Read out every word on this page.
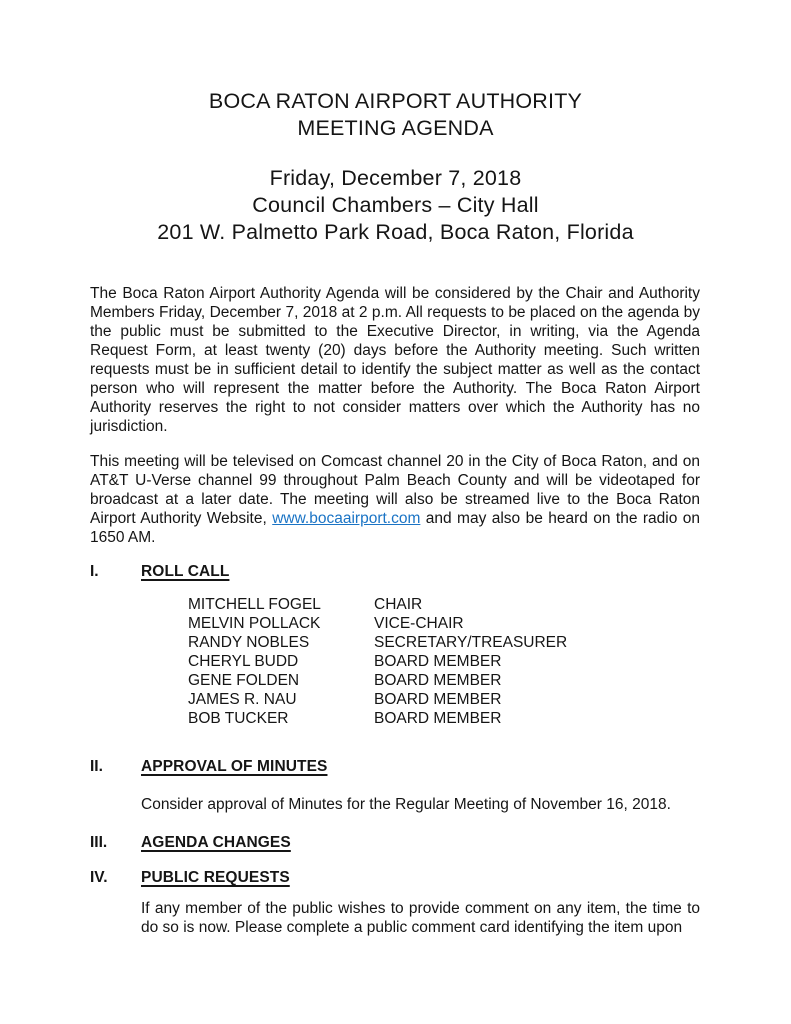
BOCA RATON AIRPORT AUTHORITY
MEETING AGENDA
Friday, December 7, 2018
Council Chambers – City Hall
201 W. Palmetto Park Road, Boca Raton, Florida

The Boca Raton Airport Authority Agenda will be considered by the Chair and Authority Members Friday, December 7, 2018 at 2 p.m. All requests to be placed on the agenda by the public must be submitted to the Executive Director, in writing, via the Agenda Request Form, at least twenty (20) days before the Authority meeting. Such written requests must be in sufficient detail to identify the subject matter as well as the contact person who will represent the matter before the Authority. The Boca Raton Airport Authority reserves the right to not consider matters over which the Authority has no jurisdiction.

This meeting will be televised on Comcast channel 20 in the City of Boca Raton, and on AT&T U-Verse channel 99 throughout Palm Beach County and will be videotaped for broadcast at a later date. The meeting will also be streamed live to the Boca Raton Airport Authority Website, www.bocaairport.com and may also be heard on the radio on 1650 AM.

I.	ROLL CALL
MITCHELL FOGEL	CHAIR
MELVIN POLLACK	VICE-CHAIR
RANDY NOBLES	SECRETARY/TREASURER
CHERYL BUDD	BOARD MEMBER
GENE FOLDEN	BOARD MEMBER
JAMES R. NAU	BOARD MEMBER
BOB TUCKER	BOARD MEMBER
II.	APPROVAL OF MINUTES

Consider approval of Minutes for the Regular Meeting of November 16, 2018.

III.	AGENDA CHANGES
IV.	PUBLIC REQUESTS

If any member of the public wishes to provide comment on any item, the time to do so is now. Please complete a public comment card identifying the item upon
